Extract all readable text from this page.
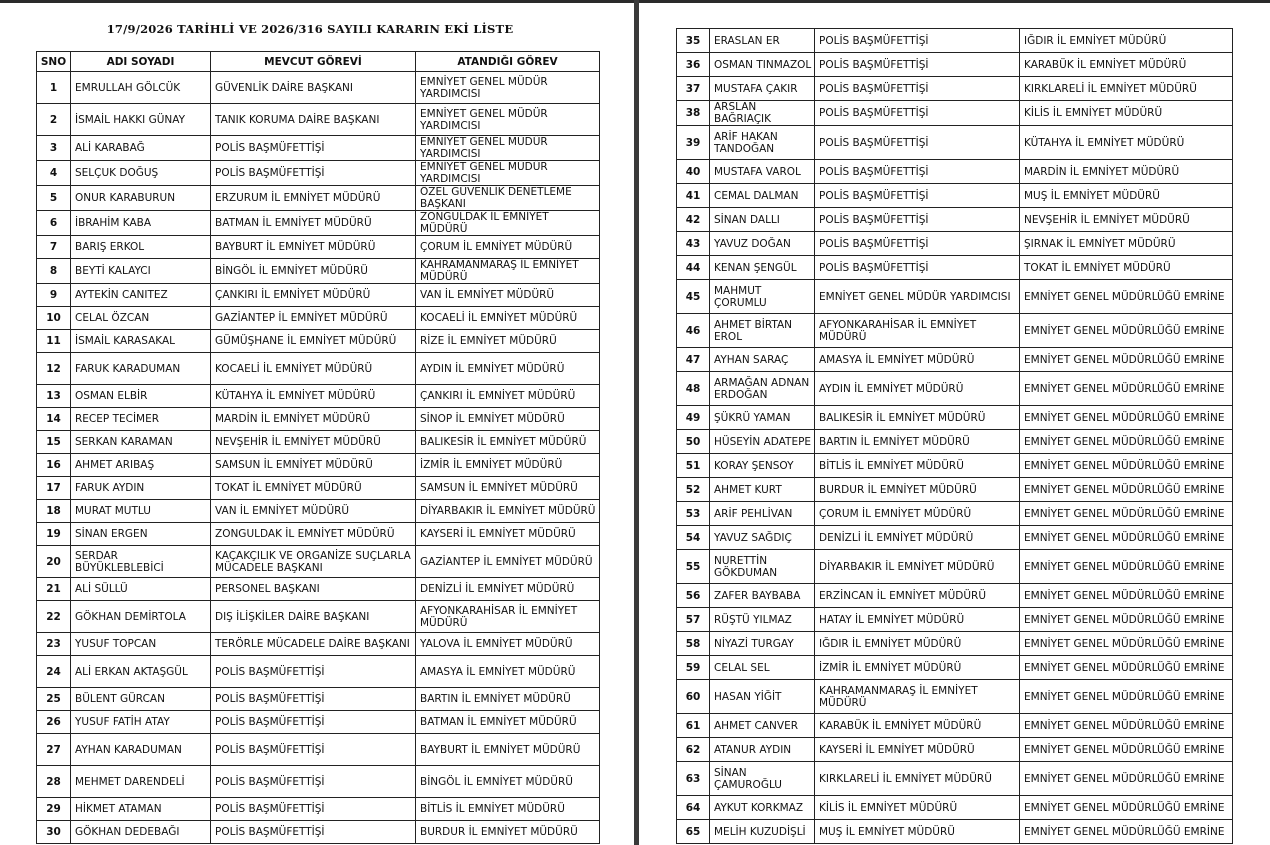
17/9/2026 TARİHLİ VE 2026/316 SAYILI KARARIN EKİ LİSTE
SNO	ADI SOYADI	MEVCUT GÖREVİ	ATANDIĞI GÖREV
1	EMRULLAH GÖLCÜK	GÜVENLİK DAİRE BAŞKANI	EMNİYET GENEL MÜDÜR YARDIMCISI
2	İSMAİL HAKKI GÜNAY	TANIK KORUMA DAİRE BAŞKANI	EMNİYET GENEL MÜDÜR YARDIMCISI
3	ALİ KARABAĞ	POLİS BAŞMÜFETTİŞİ	EMNİYET GENEL MÜDÜR YARDIMCISI
4	SELÇUK DOĞUŞ	POLİS BAŞMÜFETTİŞİ	EMNİYET GENEL MÜDÜR YARDIMCISI
5	ONUR KARABURUN	ERZURUM İL EMNİYET MÜDÜRÜ	ÖZEL GÜVENLİK DENETLEME BAŞKANI
6	İBRAHİM KABA	BATMAN İL EMNİYET MÜDÜRÜ	ZONGULDAK İL EMNİYET MÜDÜRÜ
7	BARIŞ ERKOL	BAYBURT İL EMNİYET MÜDÜRÜ	ÇORUM İL EMNİYET MÜDÜRÜ
8	BEYTİ KALAYCI	BİNGÖL İL EMNİYET MÜDÜRÜ	KAHRAMANMARAŞ İL EMNİYET MÜDÜRÜ
9	AYTEKİN CANITEZ	ÇANKIRI İL EMNİYET MÜDÜRÜ	VAN İL EMNİYET MÜDÜRÜ
10	CELAL ÖZCAN	GAZİANTEP İL EMNİYET MÜDÜRÜ	KOCAELİ İL EMNİYET MÜDÜRÜ
11	İSMAİL KARASAKAL	GÜMÜŞHANE İL EMNİYET MÜDÜRÜ	RİZE İL EMNİYET MÜDÜRÜ
12	FARUK KARADUMAN	KOCAELİ İL EMNİYET MÜDÜRÜ	AYDIN İL EMNİYET MÜDÜRÜ
13	OSMAN ELBİR	KÜTAHYA İL EMNİYET MÜDÜRÜ	ÇANKIRI İL EMNİYET MÜDÜRÜ
14	RECEP TECİMER	MARDİN İL EMNİYET MÜDÜRÜ	SİNOP İL EMNİYET MÜDÜRÜ
15	SERKAN KARAMAN	NEVŞEHİR İL EMNİYET MÜDÜRÜ	BALIKESİR İL EMNİYET MÜDÜRÜ
16	AHMET ARIBAŞ	SAMSUN İL EMNİYET MÜDÜRÜ	İZMİR İL EMNİYET MÜDÜRÜ
17	FARUK AYDIN	TOKAT İL EMNİYET MÜDÜRÜ	SAMSUN İL EMNİYET MÜDÜRÜ
18	MURAT MUTLU	VAN İL EMNİYET MÜDÜRÜ	DİYARBAKIR İL EMNİYET MÜDÜRÜ
19	SİNAN ERGEN	ZONGULDAK İL EMNİYET MÜDÜRÜ	KAYSERİ İL EMNİYET MÜDÜRÜ
20	SERDAR BÜYÜKLEBLEBİCİ	KAÇAKÇILIK VE ORGANİZE SUÇLARLA MÜCADELE BAŞKANI	GAZİANTEP İL EMNİYET MÜDÜRÜ
21	ALİ SÜLLÜ	PERSONEL BAŞKANI	DENİZLİ İL EMNİYET MÜDÜRÜ
22	GÖKHAN DEMİRTOLA	DIŞ İLİŞKİLER DAİRE BAŞKANI	AFYONKARAHİSAR İL EMNİYET MÜDÜRÜ
23	YUSUF TOPCAN	TERÖRLE MÜCADELE DAİRE BAŞKANI	YALOVA İL EMNİYET MÜDÜRÜ
24	ALİ ERKAN AKTAŞGÜL	POLİS BAŞMÜFETTİŞİ	AMASYA İL EMNİYET MÜDÜRÜ
25	BÜLENT GÜRCAN	POLİS BAŞMÜFETTİŞİ	BARTIN İL EMNİYET MÜDÜRÜ
26	YUSUF FATİH ATAY	POLİS BAŞMÜFETTİŞİ	BATMAN İL EMNİYET MÜDÜRÜ
27	AYHAN KARADUMAN	POLİS BAŞMÜFETTİŞİ	BAYBURT İL EMNİYET MÜDÜRÜ
28	MEHMET DARENDELİ	POLİS BAŞMÜFETTİŞİ	BİNGÖL İL EMNİYET MÜDÜRÜ
29	HİKMET ATAMAN	POLİS BAŞMÜFETTİŞİ	BİTLİS İL EMNİYET MÜDÜRÜ
30	GÖKHAN DEDEBAĞI	POLİS BAŞMÜFETTİŞİ	BURDUR İL EMNİYET MÜDÜRÜ
35	ERASLAN ER	POLİS BAŞMÜFETTİŞİ	IĞDIR İL EMNİYET MÜDÜRÜ
36	OSMAN TINMAZOL	POLİS BAŞMÜFETTİŞİ	KARABÜK İL EMNİYET MÜDÜRÜ
37	MUSTAFA ÇAKIR	POLİS BAŞMÜFETTİŞİ	KIRKLARELİ İL EMNİYET MÜDÜRÜ
38	ARSLAN BAĞRIAÇIK	POLİS BAŞMÜFETTİŞİ	KİLİS İL EMNİYET MÜDÜRÜ
39	ARİF HAKAN TANDOĞAN	POLİS BAŞMÜFETTİŞİ	KÜTAHYA İL EMNİYET MÜDÜRÜ
40	MUSTAFA VAROL	POLİS BAŞMÜFETTİŞİ	MARDİN İL EMNİYET MÜDÜRÜ
41	CEMAL DALMAN	POLİS BAŞMÜFETTİŞİ	MUŞ İL EMNİYET MÜDÜRÜ
42	SİNAN DALLI	POLİS BAŞMÜFETTİŞİ	NEVŞEHİR İL EMNİYET MÜDÜRÜ
43	YAVUZ DOĞAN	POLİS BAŞMÜFETTİŞİ	ŞIRNAK İL EMNİYET MÜDÜRÜ
44	KENAN ŞENGÜL	POLİS BAŞMÜFETTİŞİ	TOKAT İL EMNİYET MÜDÜRÜ
45	MAHMUT ÇORUMLU	EMNİYET GENEL MÜDÜR YARDIMCISI	EMNİYET GENEL MÜDÜRLÜĞÜ EMRİNE
46	AHMET BİRTAN EROL	AFYONKARAHİSAR İL EMNİYET MÜDÜRÜ	EMNİYET GENEL MÜDÜRLÜĞÜ EMRİNE
47	AYHAN SARAÇ	AMASYA İL EMNİYET MÜDÜRÜ	EMNİYET GENEL MÜDÜRLÜĞÜ EMRİNE
48	ARMAĞAN ADNAN ERDOĞAN	AYDIN İL EMNİYET MÜDÜRÜ	EMNİYET GENEL MÜDÜRLÜĞÜ EMRİNE
49	ŞÜKRÜ YAMAN	BALIKESİR İL EMNİYET MÜDÜRÜ	EMNİYET GENEL MÜDÜRLÜĞÜ EMRİNE
50	HÜSEYİN ADATEPE	BARTIN İL EMNİYET MÜDÜRÜ	EMNİYET GENEL MÜDÜRLÜĞÜ EMRİNE
51	KORAY ŞENSOY	BİTLİS İL EMNİYET MÜDÜRÜ	EMNİYET GENEL MÜDÜRLÜĞÜ EMRİNE
52	AHMET KURT	BURDUR İL EMNİYET MÜDÜRÜ	EMNİYET GENEL MÜDÜRLÜĞÜ EMRİNE
53	ARİF PEHLİVAN	ÇORUM İL EMNİYET MÜDÜRÜ	EMNİYET GENEL MÜDÜRLÜĞÜ EMRİNE
54	YAVUZ SAĞDIÇ	DENİZLİ İL EMNİYET MÜDÜRÜ	EMNİYET GENEL MÜDÜRLÜĞÜ EMRİNE
55	NURETTİN GÖKDUMAN	DİYARBAKIR İL EMNİYET MÜDÜRÜ	EMNİYET GENEL MÜDÜRLÜĞÜ EMRİNE
56	ZAFER BAYBABA	ERZİNCAN İL EMNİYET MÜDÜRÜ	EMNİYET GENEL MÜDÜRLÜĞÜ EMRİNE
57	RÜŞTÜ YILMAZ	HATAY İL EMNİYET MÜDÜRÜ	EMNİYET GENEL MÜDÜRLÜĞÜ EMRİNE
58	NİYAZİ TURGAY	IĞDIR İL EMNİYET MÜDÜRÜ	EMNİYET GENEL MÜDÜRLÜĞÜ EMRİNE
59	CELAL SEL	İZMİR İL EMNİYET MÜDÜRÜ	EMNİYET GENEL MÜDÜRLÜĞÜ EMRİNE
60	HASAN YİĞİT	KAHRAMANMARAŞ İL EMNİYET MÜDÜRÜ	EMNİYET GENEL MÜDÜRLÜĞÜ EMRİNE
61	AHMET CANVER	KARABÜK İL EMNİYET MÜDÜRÜ	EMNİYET GENEL MÜDÜRLÜĞÜ EMRİNE
62	ATANUR AYDIN	KAYSERİ İL EMNİYET MÜDÜRÜ	EMNİYET GENEL MÜDÜRLÜĞÜ EMRİNE
63	SİNAN ÇAMUROĞLU	KIRKLARELİ İL EMNİYET MÜDÜRÜ	EMNİYET GENEL MÜDÜRLÜĞÜ EMRİNE
64	AYKUT KORKMAZ	KİLİS İL EMNİYET MÜDÜRÜ	EMNİYET GENEL MÜDÜRLÜĞÜ EMRİNE
65	MELİH KUZUDİŞLİ	MUŞ İL EMNİYET MÜDÜRÜ	EMNİYET GENEL MÜDÜRLÜĞÜ EMRİNE
